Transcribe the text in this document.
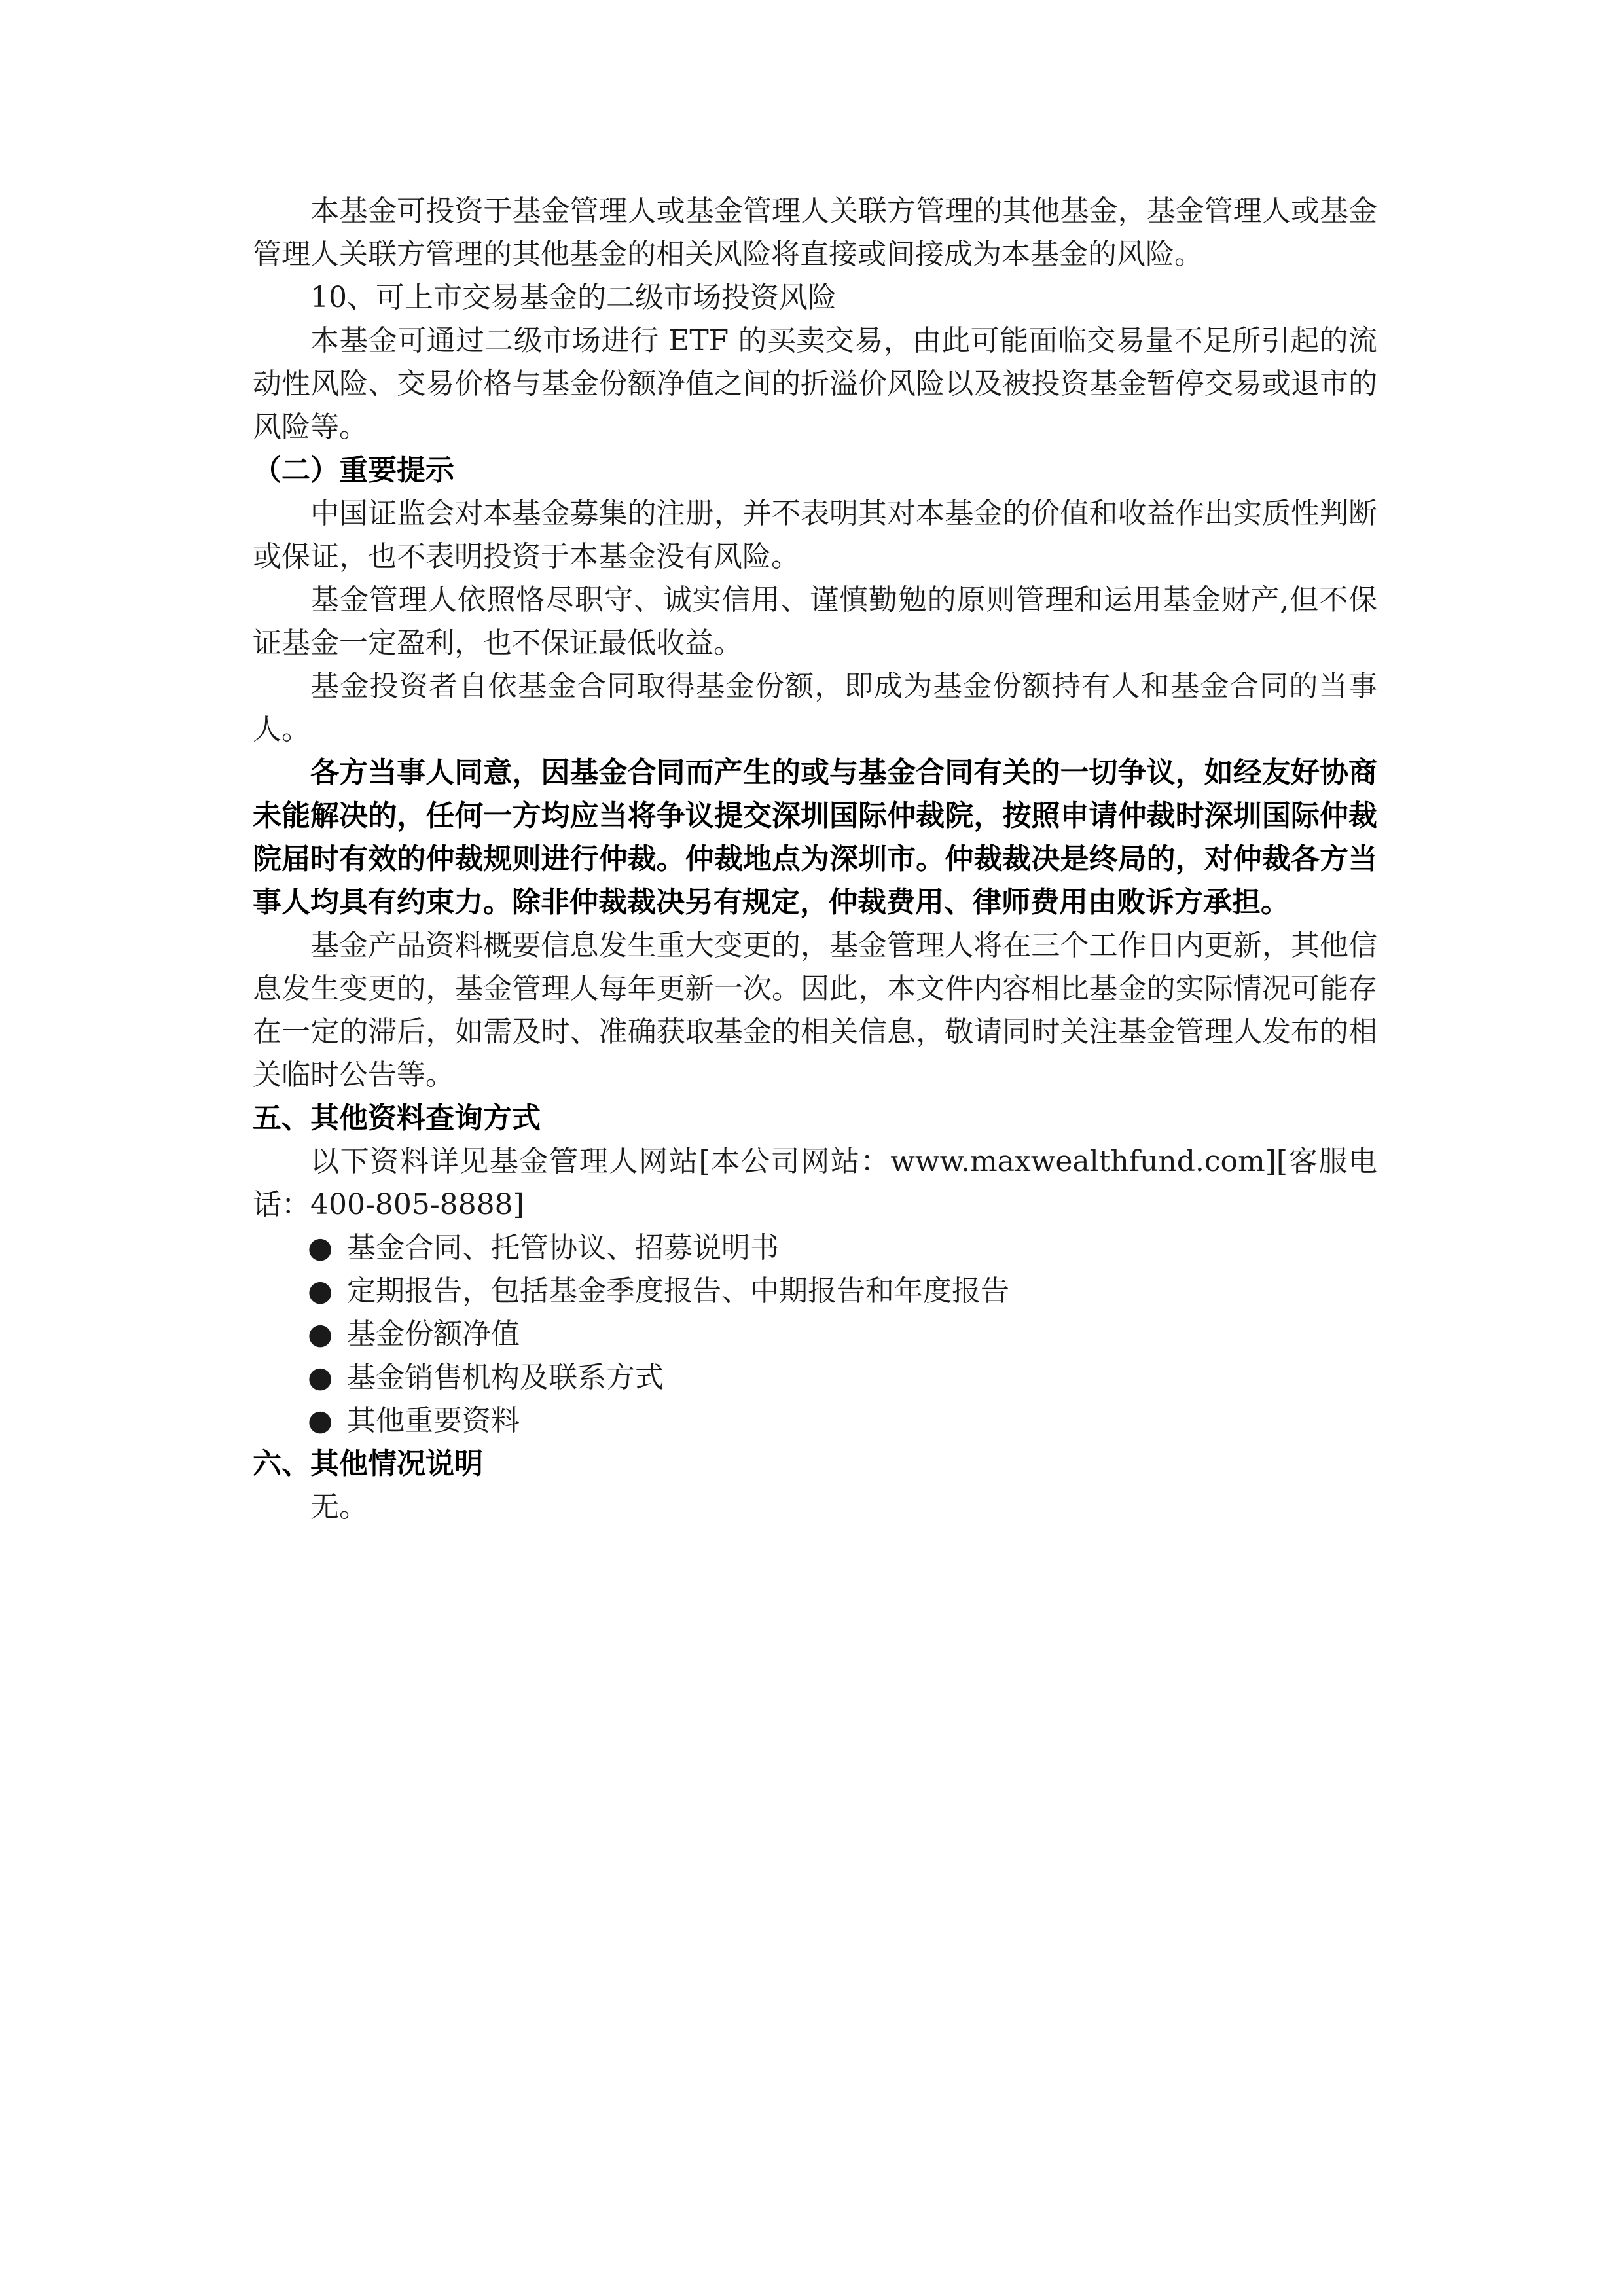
本基金可投资于基金管理人或基金管理人关联方管理的其他基金，基金管理人或基金管理人关联方管理的其他基金的相关风险将直接或间接成为本基金的风险。

10、可上市交易基金的二级市场投资风险

本基金可通过二级市场进行 ETF 的买卖交易，由此可能面临交易量不足所引起的流动性风险、交易价格与基金份额净值之间的折溢价风险以及被投资基金暂停交易或退市的风险等。

（二）重要提示

中国证监会对本基金募集的注册，并不表明其对本基金的价值和收益作出实质性判断或保证，也不表明投资于本基金没有风险。

基金管理人依照恪尽职守、诚实信用、谨慎勤勉的原则管理和运用基金财产,但不保证基金一定盈利，也不保证最低收益。

基金投资者自依基金合同取得基金份额，即成为基金份额持有人和基金合同的当事人。

各方当事人同意，因基金合同而产生的或与基金合同有关的一切争议，如经友好协商未能解决的，任何一方均应当将争议提交深圳国际仲裁院，按照申请仲裁时深圳国际仲裁院届时有效的仲裁规则进行仲裁。仲裁地点为深圳市。仲裁裁决是终局的，对仲裁各方当事人均具有约束力。除非仲裁裁决另有规定，仲裁费用、律师费用由败诉方承担。

基金产品资料概要信息发生重大变更的，基金管理人将在三个工作日内更新，其他信息发生变更的，基金管理人每年更新一次。因此，本文件内容相比基金的实际情况可能存在一定的滞后，如需及时、准确获取基金的相关信息，敬请同时关注基金管理人发布的相关临时公告等。

五、其他资料查询方式

以下资料详见基金管理人网站[本公司网站：www.maxwealthfund.com][客服电话：400-805-8888]

● 基金合同、托管协议、招募说明书
● 定期报告，包括基金季度报告、中期报告和年度报告
● 基金份额净值
● 基金销售机构及联系方式
● 其他重要资料

六、其他情况说明

无。
